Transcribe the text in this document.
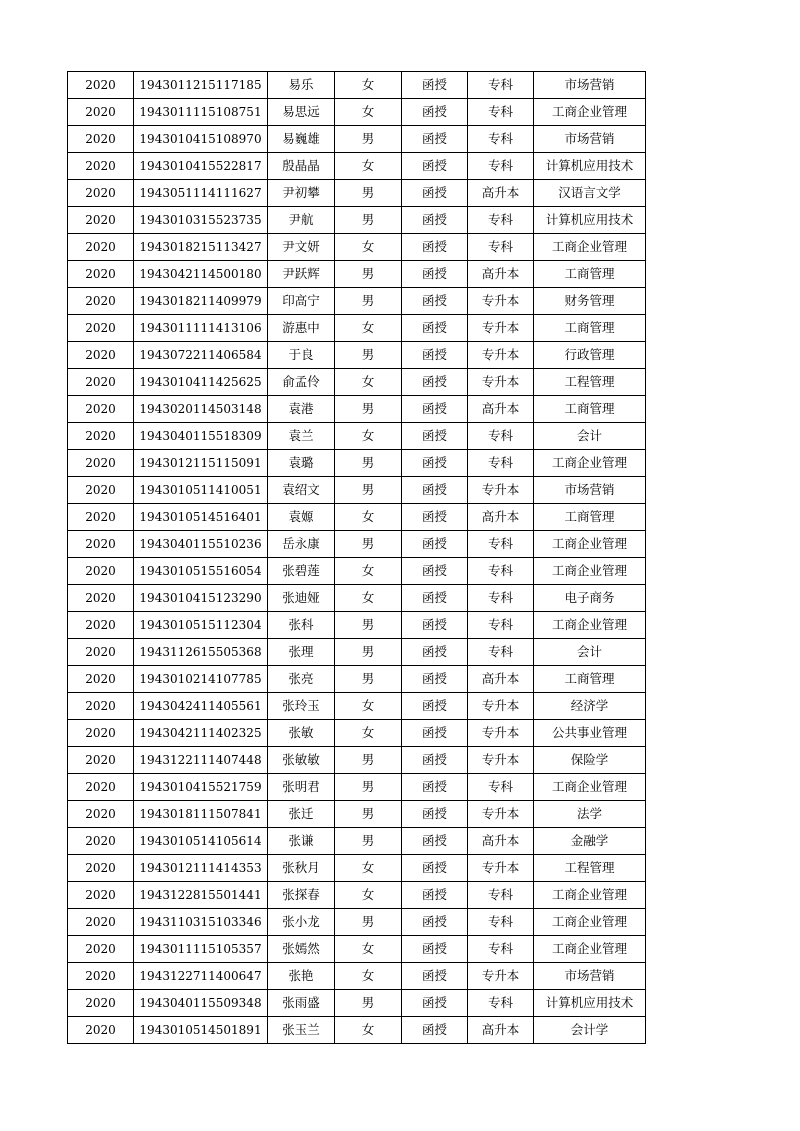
2020	1943011215117185	易乐	女	函授	专科	市场营销
2020	1943011115108751	易思远	女	函授	专科	工商企业管理
2020	1943010415108970	易巍雄	男	函授	专科	市场营销
2020	1943010415522817	殷晶晶	女	函授	专科	计算机应用技术
2020	1943051114111627	尹初攀	男	函授	高升本	汉语言文学
2020	1943010315523735	尹航	男	函授	专科	计算机应用技术
2020	1943018215113427	尹文妍	女	函授	专科	工商企业管理
2020	1943042114500180	尹跃辉	男	函授	高升本	工商管理
2020	1943018211409979	印高宁	男	函授	专升本	财务管理
2020	1943011111413106	游惠中	女	函授	专升本	工商管理
2020	1943072211406584	于良	男	函授	专升本	行政管理
2020	1943010411425625	俞孟伶	女	函授	专升本	工程管理
2020	1943020114503148	袁港	男	函授	高升本	工商管理
2020	1943040115518309	袁兰	女	函授	专科	会计
2020	1943012115115091	袁璐	男	函授	专科	工商企业管理
2020	1943010511410051	袁绍文	男	函授	专升本	市场营销
2020	1943010514516401	袁嫄	女	函授	高升本	工商管理
2020	1943040115510236	岳永康	男	函授	专科	工商企业管理
2020	1943010515516054	张碧莲	女	函授	专科	工商企业管理
2020	1943010415123290	张迪娅	女	函授	专科	电子商务
2020	1943010515112304	张科	男	函授	专科	工商企业管理
2020	1943112615505368	张理	男	函授	专科	会计
2020	1943010214107785	张亮	男	函授	高升本	工商管理
2020	1943042411405561	张玲玉	女	函授	专升本	经济学
2020	1943042111402325	张敏	女	函授	专升本	公共事业管理
2020	1943122111407448	张敏敏	男	函授	专升本	保险学
2020	1943010415521759	张明君	男	函授	专科	工商企业管理
2020	1943018111507841	张迁	男	函授	专升本	法学
2020	1943010514105614	张谦	男	函授	高升本	金融学
2020	1943012111414353	张秋月	女	函授	专升本	工程管理
2020	1943122815501441	张探春	女	函授	专科	工商企业管理
2020	1943110315103346	张小龙	男	函授	专科	工商企业管理
2020	1943011115105357	张嫣然	女	函授	专科	工商企业管理
2020	1943122711400647	张艳	女	函授	专升本	市场营销
2020	1943040115509348	张雨盛	男	函授	专科	计算机应用技术
2020	1943010514501891	张玉兰	女	函授	高升本	会计学
